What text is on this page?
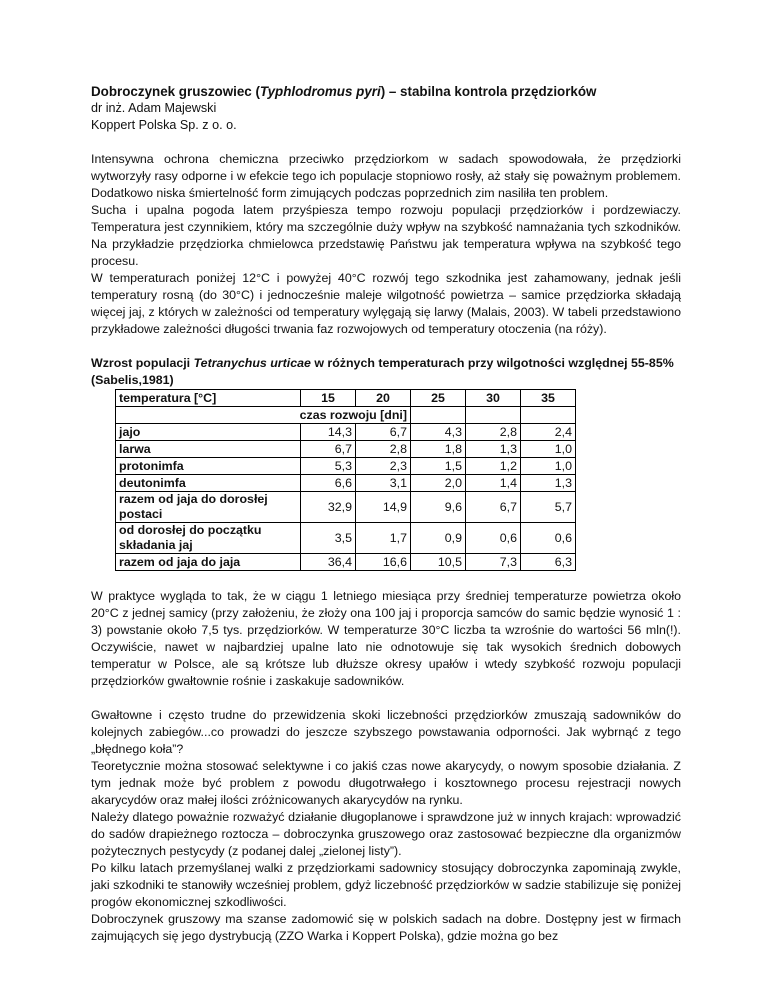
Dobroczynek gruszowiec (Typhlodromus pyri) – stabilna kontrola przędziorków

dr inż. Adam Majewski

Koppert Polska Sp. z o. o.

Intensywna ochrona chemiczna przeciwko przędziorkom w sadach spowodowała, że przędziorki wytworzyły rasy odporne i w efekcie tego ich populacje stopniowo rosły, aż stały się poważnym problemem. Dodatkowo niska śmiertelność form zimujących podczas poprzednich zim nasiliła ten problem.

Sucha i upalna pogoda latem przyśpiesza tempo rozwoju populacji przędziorków i pordzewiaczy. Temperatura jest czynnikiem, który ma szczególnie duży wpływ na szybkość namnażania tych szkodników. Na przykładzie przędziorka chmielowca przedstawię Państwu jak temperatura wpływa na szybkość tego procesu.

W temperaturach poniżej 12°C i powyżej 40°C rozwój tego szkodnika jest zahamowany, jednak jeśli temperatury rosną (do 30°C) i jednocześnie maleje wilgotność powietrza – samice przędziorka składają więcej jaj, z których w zależności od temperatury wylęgają się larwy (Malais, 2003). W tabeli przedstawiono przykładowe zależności długości trwania faz rozwojowych od temperatury otoczenia (na róży).

Wzrost populacji Tetranychus urticae w różnych temperaturach przy wilgotności względnej 55-85% (Sabelis,1981)

temperatura [°C]	15	20	25	30	35
czas rozwoju [dni]					
jajo	14,3	6,7	4,3	2,8	2,4
larwa	6,7	2,8	1,8	1,3	1,0
protonimfa	5,3	2,3	1,5	1,2	1,0
deutonimfa	6,6	3,1	2,0	1,4	1,3
razem od jaja do dorosłej postaci	32,9	14,9	9,6	6,7	5,7
od dorosłej do początku składania jaj	3,5	1,7	0,9	0,6	0,6
razem od jaja do jaja	36,4	16,6	10,5	7,3	6,3

W praktyce wygląda to tak, że w ciągu 1 letniego miesiąca przy średniej temperaturze powietrza około 20°C z jednej samicy (przy założeniu, że złoży ona 100 jaj i proporcja samców do samic będzie wynosić 1 : 3) powstanie około 7,5 tys. przędziorków. W temperaturze 30°C liczba ta wzrośnie do wartości 56 mln(!). Oczywiście, nawet w najbardziej upalne lato nie odnotowuje się tak wysokich średnich dobowych temperatur w Polsce, ale są krótsze lub dłuższe okresy upałów i wtedy szybkość rozwoju populacji przędziorków gwałtownie rośnie i zaskakuje sadowników.

Gwałtowne i często trudne do przewidzenia skoki liczebności przędziorków zmuszają sadowników do kolejnych zabiegów...co prowadzi do jeszcze szybszego powstawania odporności. Jak wybrnąć z tego „błędnego koła”?

Teoretycznie można stosować selektywne i co jakiś czas nowe akarycydy, o nowym sposobie działania. Z tym jednak może być problem z powodu długotrwałego i kosztownego procesu rejestracji nowych akarycydów oraz małej ilości zróżnicowanych akarycydów na rynku.

Należy dlatego poważnie rozważyć działanie długoplanowe i sprawdzone już w innych krajach: wprowadzić do sadów drapieżnego roztocza – dobroczynka gruszowego oraz zastosować bezpieczne dla organizmów pożytecznych pestycydy (z podanej dalej „zielonej listy”).

Po kilku latach przemyślanej walki z przędziorkami sadownicy stosujący dobroczynka zapominają zwykle, jaki szkodniki te stanowiły wcześniej problem, gdyż liczebność przędziorków w sadzie stabilizuje się poniżej progów ekonomicznej szkodliwości.

Dobroczynek gruszowy ma szanse zadomowić się w polskich sadach na dobre. Dostępny jest w firmach zajmujących się jego dystrybucją (ZZO Warka i Koppert Polska), gdzie można go bez
